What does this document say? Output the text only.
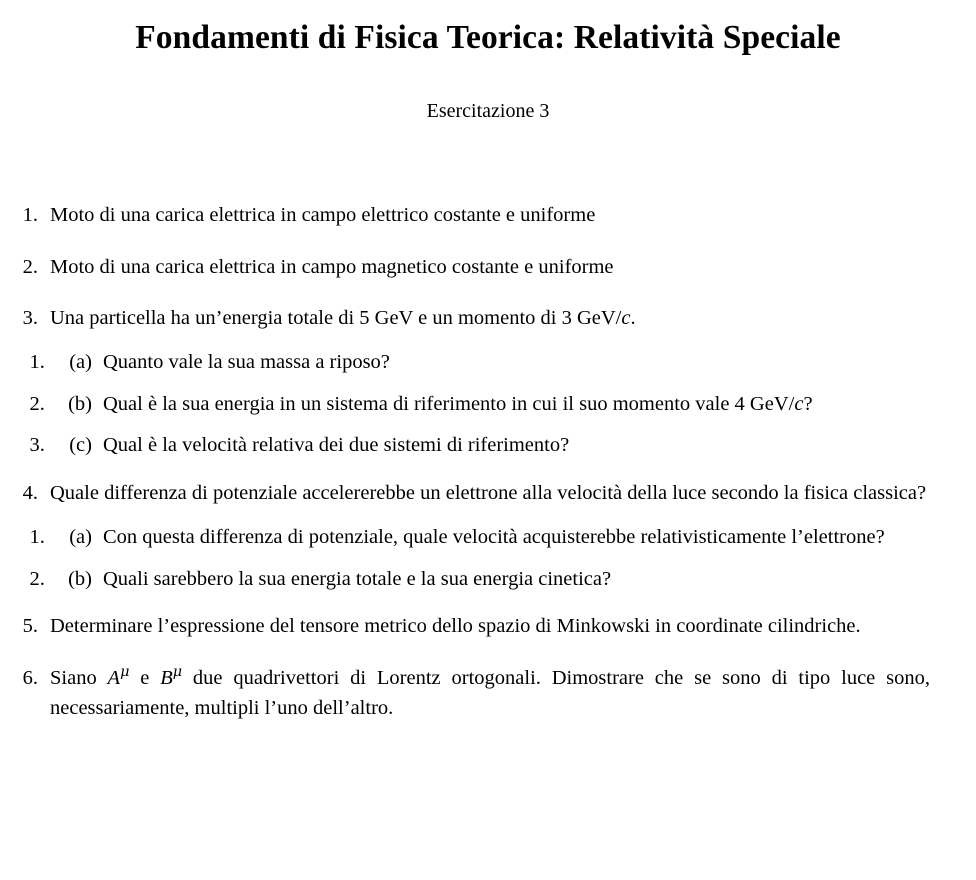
Fondamenti di Fisica Teorica: Relatività Speciale
Esercitazione 3
1. 1. Moto di una carica elettrica in campo elettrico costante e uniforme
2. 2. Moto di una carica elettrica in campo magnetico costante e uniforme
3. 3. Una particella ha un’energia totale di 5 GeV e un momento di 3 GeV/c.
1. (a) Quanto vale la sua massa a riposo?
2. (b) Qual è la sua energia in un sistema di riferimento in cui il suo momento vale 4 GeV/c?
3. (c) Qual è la velocità relativa dei due sistemi di riferimento?
4. 4. Quale differenza di potenziale accelererebbe un elettrone alla velocità della luce secondo la fisica classica?
1. (a) Con questa differenza di potenziale, quale velocità acquisterebbe relativisticamente l’elettrone?
2. (b) Quali sarebbero la sua energia totale e la sua energia cinetica?
5. 5. Determinare l’espressione del tensore metrico dello spazio di Minkowski in coordinate cilindriche.
6. 6. Siano $A^\mu$ e $B^\mu$ due quadrivettori di Lorentz ortogonali. Dimostrare che se sono di tipo luce sono, necessariamente, multipli l’uno dell’altro.
